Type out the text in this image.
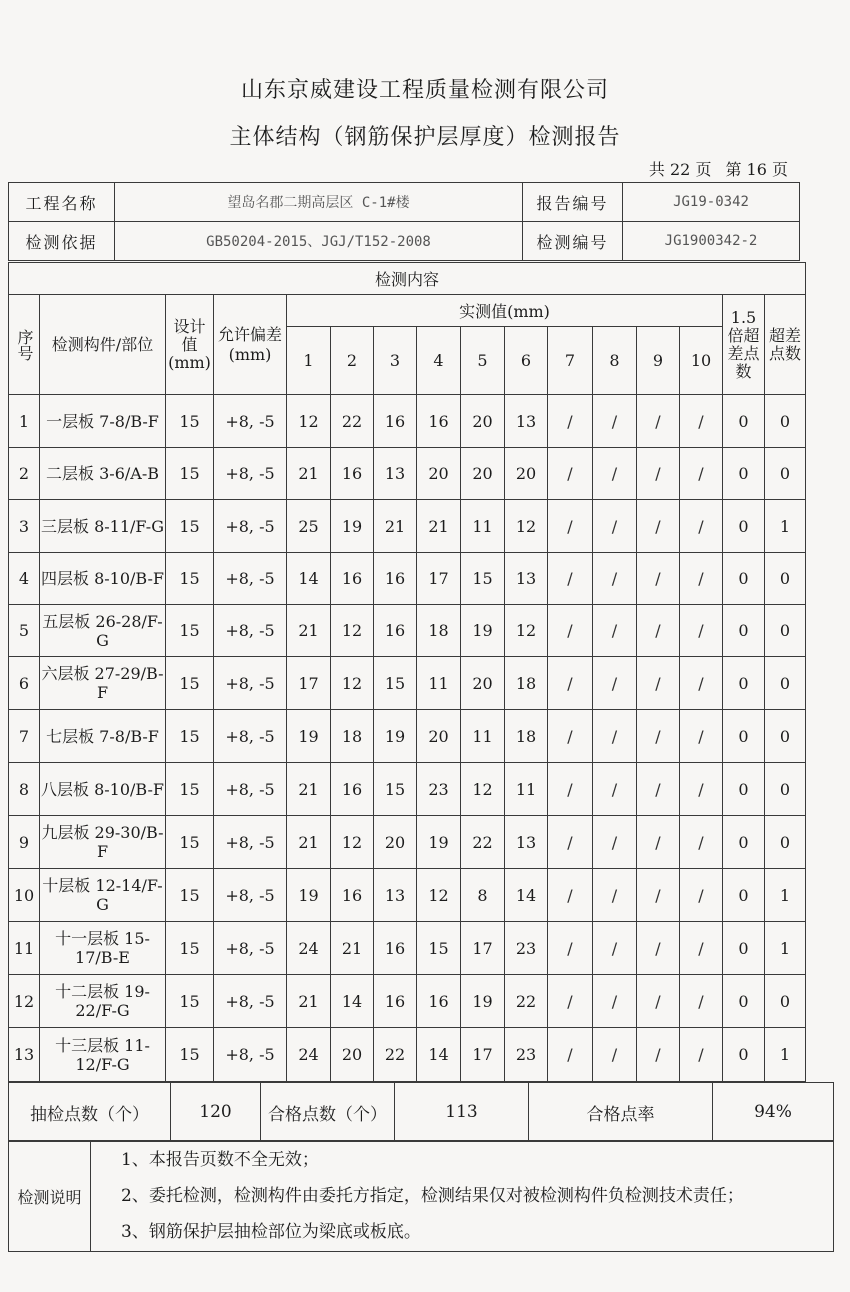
山东京威建设工程质量检测有限公司
主体结构（钢筋保护层厚度）检测报告
共 22 页 第 16 页
工程名称	望岛名郡二期高层区 C-1#楼	报告编号	JG19-0342
检测依据	GB50204-2015、JGJ/T152-2008	检测编号	JG1900342-2
检测内容															
序号	检测构件/部位	设计值(mm)	允许偏差(mm)	实测值(mm)										1.5倍超差点数	超差点数
				1	2	3	4	5	6	7	8	9	10		
1	一层板 7-8/B-F	15	+8, -5	12	22	16	16	20	13	/	/	/	/	0	0
2	二层板 3-6/A-B	15	+8, -5	21	16	13	20	20	20	/	/	/	/	0	0
3	三层板 8-11/F-G	15	+8, -5	25	19	21	21	11	12	/	/	/	/	0	1
4	四层板 8-10/B-F	15	+8, -5	14	16	16	17	15	13	/	/	/	/	0	0
5	五层板 26-28/F-G	15	+8, -5	21	12	16	18	19	12	/	/	/	/	0	0
6	六层板 27-29/B-F	15	+8, -5	17	12	15	11	20	18	/	/	/	/	0	0
7	七层板 7-8/B-F	15	+8, -5	19	18	19	20	11	18	/	/	/	/	0	0
8	八层板 8-10/B-F	15	+8, -5	21	16	15	23	12	11	/	/	/	/	0	0
9	九层板 29-30/B-F	15	+8, -5	21	12	20	19	22	13	/	/	/	/	0	0
10	十层板 12-14/F-G	15	+8, -5	19	16	13	12	8	14	/	/	/	/	0	1
11	十一层板 15-17/B-E	15	+8, -5	24	21	16	15	17	23	/	/	/	/	0	1
12	十二层板 19-22/F-G	15	+8, -5	21	14	16	16	19	22	/	/	/	/	0	0
13	十三层板 11-12/F-G	15	+8, -5	24	20	22	14	17	23	/	/	/	/	0	1
抽检点数（个）	120	合格点数（个）	113	合格点率	94%
检测说明	
1、本报告页数不全无效；
2、委托检测，检测构件由委托方指定，检测结果仅对被检测构件负检测技术责任；
3、钢筋保护层抽检部位为梁底或板底。
